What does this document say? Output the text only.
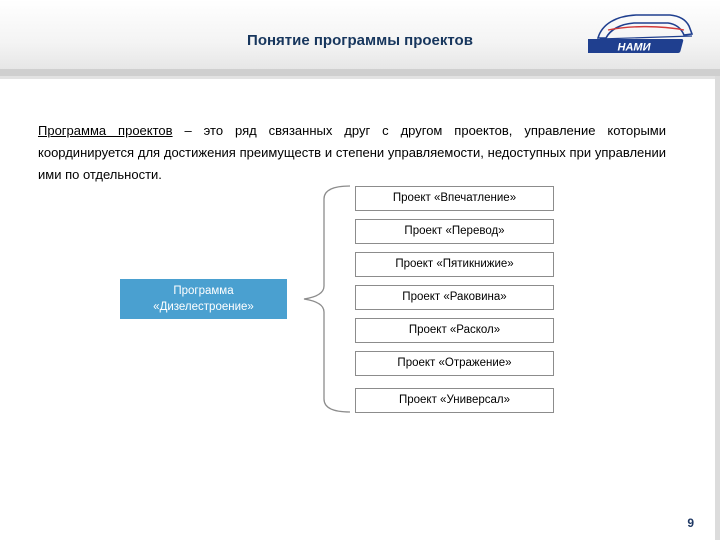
Понятие программы проектов	НАМИ
Программа проектов – это ряд связанных друг с другом проектов, управление которыми координируется для достижения преимуществ и степени управляемости, недоступных при управлении ими по отдельности.
Программа
«Дизелестроение»
Проект «Впечатление»
Проект «Перевод»
Проект «Пятикнижие»
Проект «Раковина»
Проект «Раскол»
Проект «Отражение»
Проект «Универсал»
9
